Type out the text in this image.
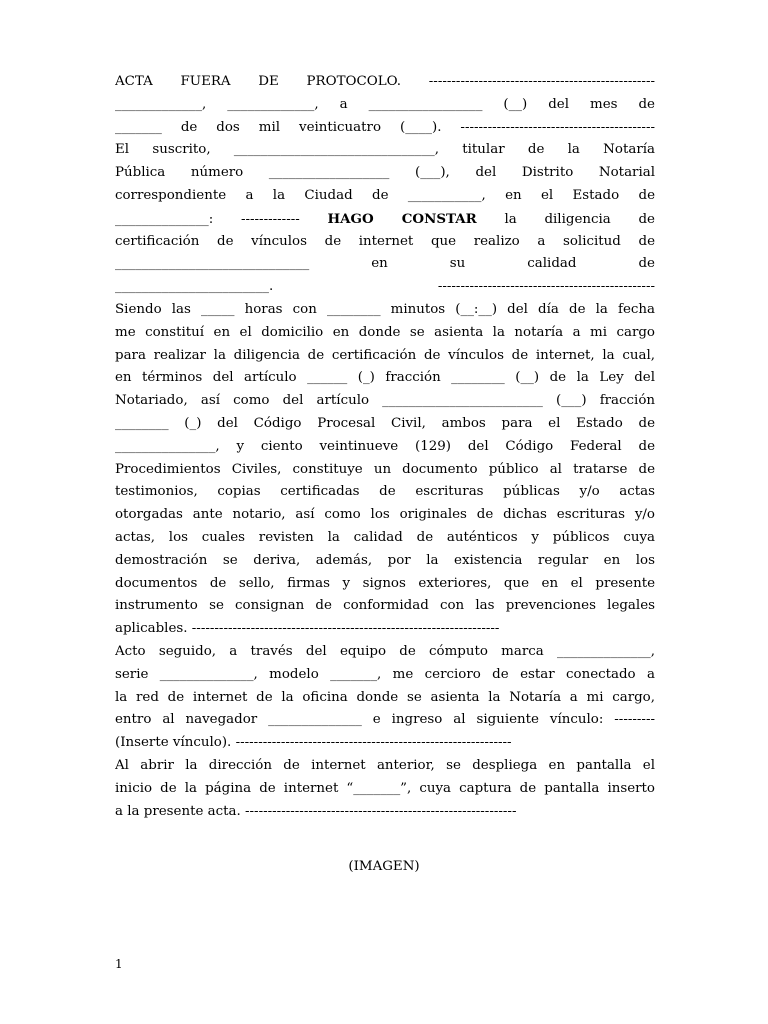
ACTA FUERA DE PROTOCOLO. --------------------------------------------------
_____________, _____________, a _________________ (__) del mes de
_______ de dos mil veinticuatro (____). -------------------------------------------
El suscrito, ______________________________, titular de la Notaría
Pública número __________________ (___), del Distrito Notarial
correspondiente a la Ciudad de ___________, en el Estado de
______________: ------------- HAGO CONSTAR la diligencia de
certificación de vínculos de internet que realizo a solicitud de
_____________________________ en su calidad de
_______________________. ------------------------------------------------
Siendo las _____ horas con ________ minutos (__:__) del día de la fecha
me constituí en el domicilio en donde se asienta la notaría a mi cargo
para realizar la diligencia de certificación de vínculos de internet, la cual,
en términos del artículo ______ (_) fracción ________ (__) de la Ley del
Notariado, así como del artículo ________________________ (___) fracción
________ (_) del Código Procesal Civil, ambos para el Estado de
_______________, y ciento veintinueve (129) del Código Federal de
Procedimientos Civiles, constituye un documento público al tratarse de
testimonios, copias certificadas de escrituras públicas y/o actas
otorgadas ante notario, así como los originales de dichas escrituras y/o
actas, los cuales revisten la calidad de auténticos y públicos cuya
demostración se deriva, además, por la existencia regular en los
documentos de sello, firmas y signos exteriores, que en el presente
instrumento se consignan de conformidad con las prevenciones legales
aplicables. --------------------------------------------------------------------
Acto seguido, a través del equipo de cómputo marca ______________,
serie ______________, modelo _______, me cercioro de estar conectado a
la red de internet de la oficina donde se asienta la Notaría a mi cargo,
entro al navegador ______________ e ingreso al siguiente vínculo: ---------
(Inserte vínculo). -------------------------------------------------------------
Al abrir la dirección de internet anterior, se despliega en pantalla el
inicio de la página de internet “_______”, cuya captura de pantalla inserto
a la presente acta. ------------------------------------------------------------
(IMAGEN)
1
